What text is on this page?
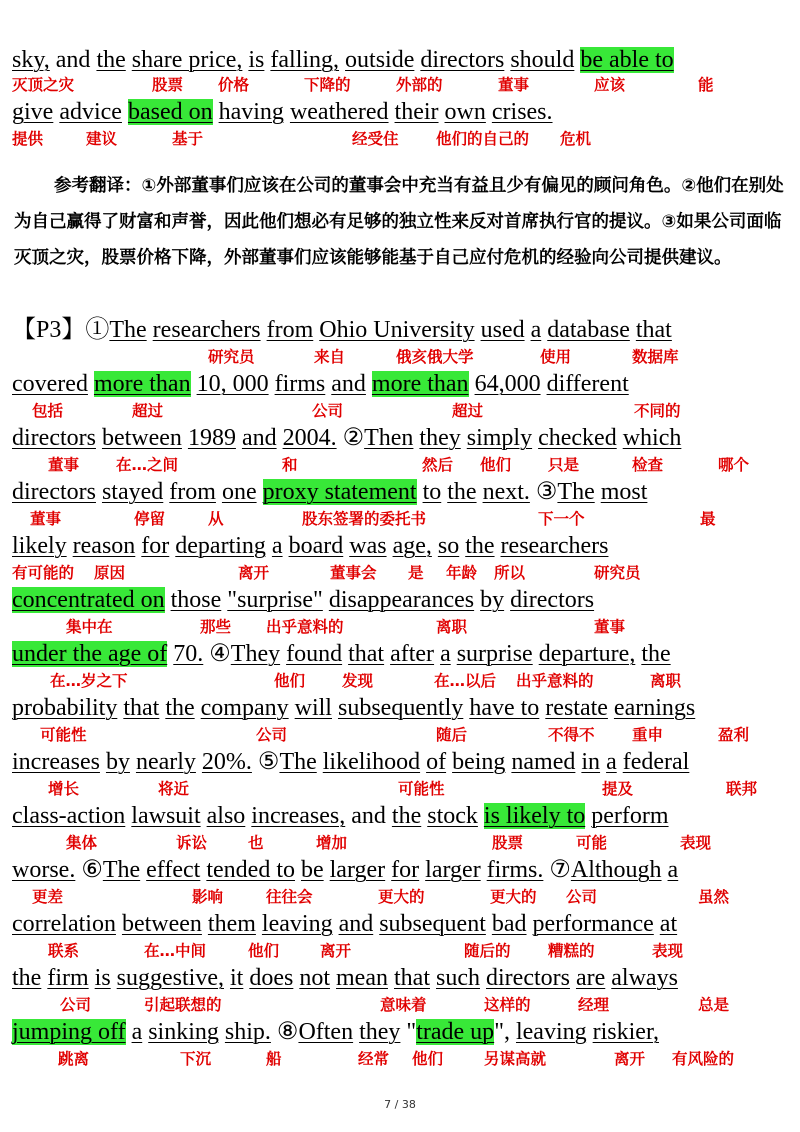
sky, and the share price, is falling, outside directors should be able to
give advice based on having weathered their own crises.
【P3】①The researchers from Ohio University used a database that
covered more than 10, 000 firms and more than 64,000 different
directors between 1989 and 2004. ②Then they simply checked which
directors stayed from one proxy statement to the next. ③The most
likely reason for departing a board was age, so the researchers
concentrated on those "surprise" disappearances by directors
under the age of 70. ④They found that after a surprise departure, the
probability that the company will subsequently have to restate earnings
increases by nearly 20%. ⑤The likelihood of being named in a federal
class-action lawsuit also increases, and the stock is likely to perform
worse. ⑥The effect tended to be larger for larger firms. ⑦Although a
correlation between them leaving and subsequent bad performance at
the firm is suggestive, it does not mean that such directors are always
jumping off a sinking ship. ⑧Often they "trade up", leaving riskier,
灭顶之灾	股票 价格	下降的	外部的	董事	应该	能
提供	建议	基于	经受住 他们的自己的 危机
研究员	来自	俄亥俄大学	使用	数据库
包括	超过	公司	超过	不同的
董事 在…之间	和	然后 他们 只是	检查	哪个
董事	停留	从	股东签署的委托书	下一个	最
有可能的 原因	离开	董事会 是 年龄 所以	研究员
集中在	那些 出乎意料的	离职	董事
在…岁之下	他们 发现	在…以后 出乎意料的	离职
可能性	公司	随后	不得不 重申	盈利
增长	将近	可能性	提及	联邦
集体	诉讼	也	增加	股票	可能	表现
更差	影响	往往会	更大的	更大的 公司	虽然
联系	在…中间	他们	离开	随后的 糟糕的	表现
公司	引起联想的	意味着	这样的	经理	总是
跳离	下沉	船	经常 他们	另谋高就	离开 有风险的
参考翻译：①外部董事们应该在公司的董事会中充当有益且少有偏见的顾问角色。②他们在别处为自己赢得了财富和声誉，因此他们想必有足够的独立性来反对首席执行官的提议。③如果公司面临灭顶之灾，股票价格下降，外部董事们应该能够能基于自己应付危机的经验向公司提供建议。
7 / 38
